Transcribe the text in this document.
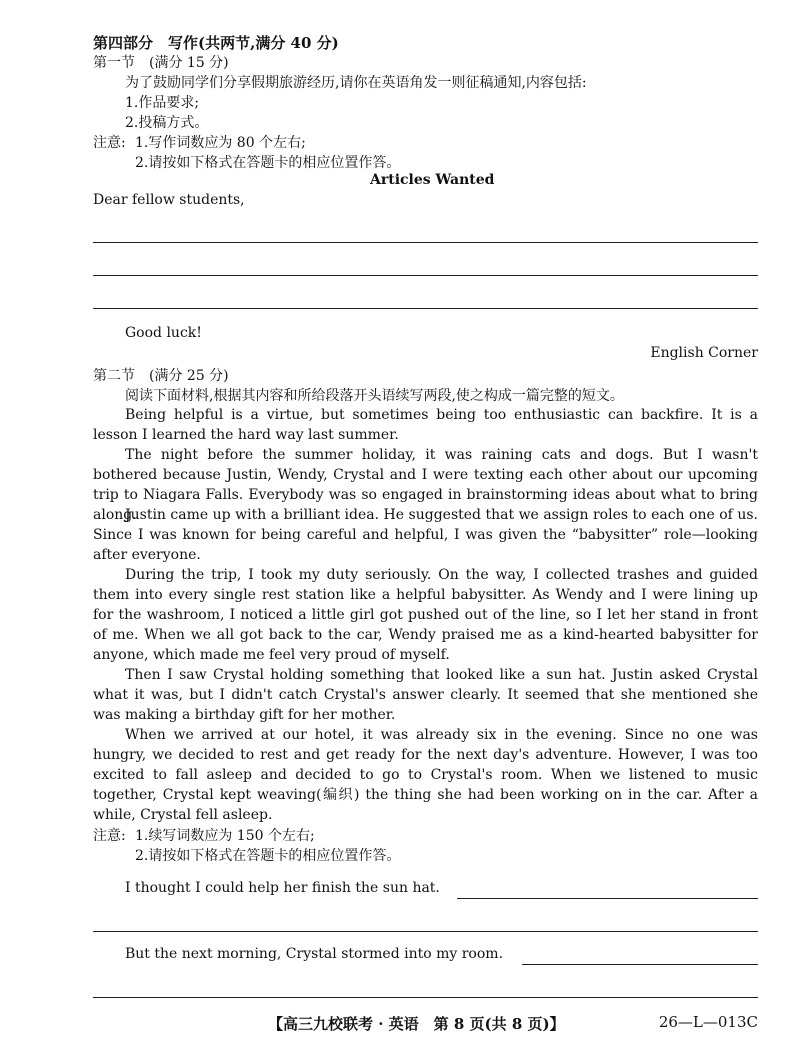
第四部分　写作(共两节,满分 40 分)
第一节　(满分 15 分)
为了鼓励同学们分享假期旅游经历,请你在英语角发一则征稿通知,内容包括:
1.作品要求;
2.投稿方式。
注意: 1.写作词数应为 80 个左右;
2.请按如下格式在答题卡的相应位置作答。
Articles Wanted
Dear fellow students,
Good luck!
English Corner
第二节　(满分 25 分)
阅读下面材料,根据其内容和所给段落开头语续写两段,使之构成一篇完整的短文。
Being helpful is a virtue, but sometimes being too enthusiastic can backfire. It is a lesson I learned the hard way last summer.
The night before the summer holiday, it was raining cats and dogs. But I wasn't bothered because Justin, Wendy, Crystal and I were texting each other about our upcoming trip to Niagara Falls. Everybody was so engaged in brainstorming ideas about what to bring along.
Justin came up with a brilliant idea. He suggested that we assign roles to each one of us. Since I was known for being careful and helpful, I was given the “babysitter” role—looking after everyone.
During the trip, I took my duty seriously. On the way, I collected trashes and guided them into every single rest station like a helpful babysitter. As Wendy and I were lining up for the washroom, I noticed a little girl got pushed out of the line, so I let her stand in front of me. When we all got back to the car, Wendy praised me as a kind-hearted babysitter for anyone, which made me feel very proud of myself.
Then I saw Crystal holding something that looked like a sun hat. Justin asked Crystal what it was, but I didn't catch Crystal's answer clearly. It seemed that she mentioned she was making a birthday gift for her mother.
When we arrived at our hotel, it was already six in the evening. Since no one was hungry, we decided to rest and get ready for the next day's adventure. However, I was too excited to fall asleep and decided to go to Crystal's room. When we listened to music together, Crystal kept weaving(编织) the thing she had been working on in the car. After a while, Crystal fell asleep.
注意: 1.续写词数应为 150 个左右;
2.请按如下格式在答题卡的相应位置作答。
I thought I could help her finish the sun hat.
But the next morning, Crystal stormed into my room.
【高三九校联考 · 英语　第 8 页(共 8 页)】	26—L—013C
